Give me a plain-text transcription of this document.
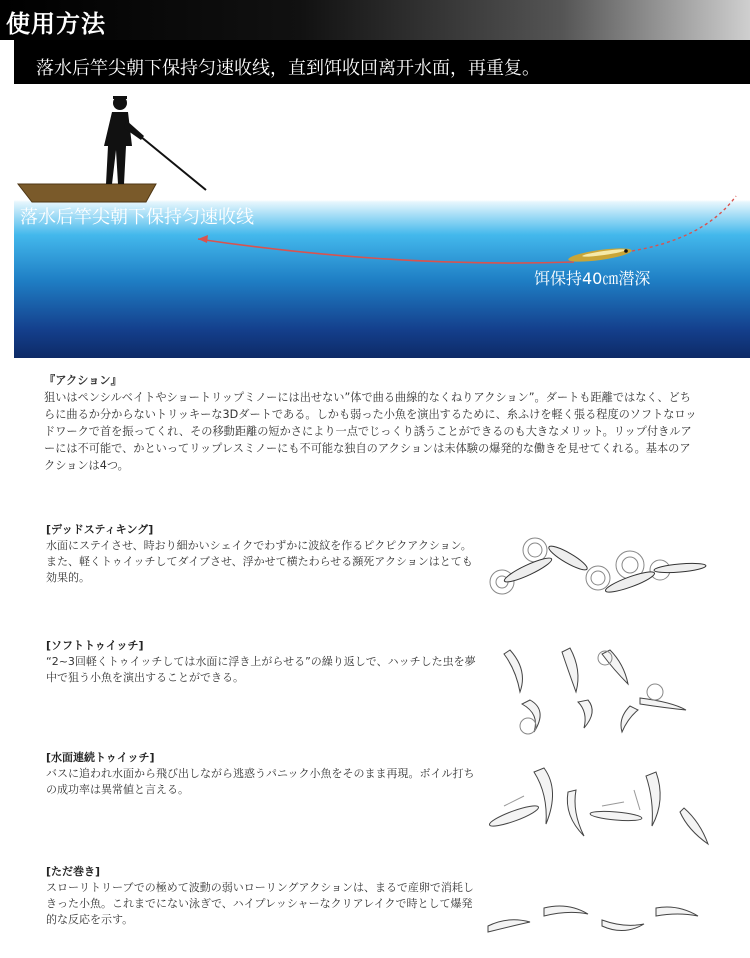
使用方法
落水后竿尖朝下保持匀速收线，直到饵收回离开水面，再重复。
落水后竿尖朝下保持匀速收线
饵保持40㎝潜深
『アクション』
狙いはペンシルベイトやショートリップミノーには出せない”体で曲る曲線的なくねりアクション”。ダートも距離ではなく、どちらに曲るか分からないトリッキーな3Dダートである。しかも弱った小魚を演出するために、糸ふけを軽く張る程度のソフトなロッドワークで首を振ってくれ、その移動距離の短かさにより一点でじっくり誘うことができるのも大きなメリット。リップ付きルアーには不可能で、かといってリップレスミノーにも不可能な独自のアクションは未体験の爆発的な働きを見せてくれる。基本のアクションは4つ。
[デッドスティキング]
水面にステイさせ、時おり細かいシェイクでわずかに波紋を作るピクピクアクション。また、軽くトゥイッチしてダイブさせ、浮かせて横たわらせる瀕死アクションはとても効果的。
[ソフトトゥイッチ]
“2~3回軽くトゥイッチしては水面に浮き上がらせる”の繰り返しで、ハッチした虫を夢中で狙う小魚を演出することができる。
[水面連続トゥイッチ]
バスに追われ水面から飛び出しながら逃惑うパニック小魚をそのまま再現。ボイル打ちの成功率は異常値と言える。
[ただ巻き]
スローリトリーブでの極めて波動の弱いローリングアクションは、まるで産卵で消耗しきった小魚。これまでにない泳ぎで、ハイプレッシャーなクリアレイクで時として爆発的な反応を示す。
